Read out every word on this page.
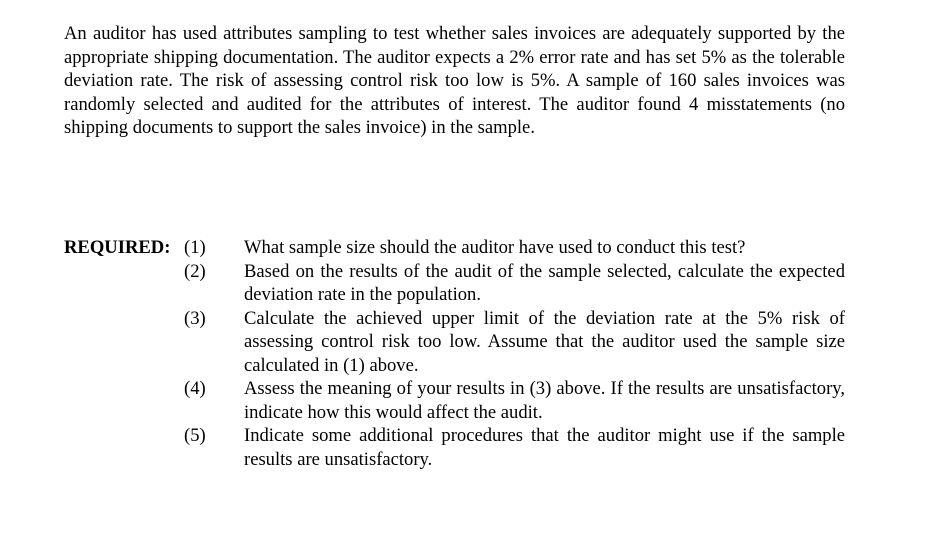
An auditor has used attributes sampling to test whether sales invoices are adequately supported by the appropriate shipping documentation. The auditor expects a 2% error rate and has set 5% as the tolerable deviation rate. The risk of assessing control risk too low is 5%. A sample of 160 sales invoices was randomly selected and audited for the attributes of interest. The auditor found 4 misstatements (no shipping documents to support the sales invoice) in the sample.

REQUIRED: (1)	What sample size should the auditor have used to conduct this test?
(2)	Based on the results of the audit of the sample selected, calculate the expected deviation rate in the population.
(3)	Calculate the achieved upper limit of the deviation rate at the 5% risk of assessing control risk too low. Assume that the auditor used the sample size calculated in (1) above.
(4)	Assess the meaning of your results in (3) above. If the results are unsatisfactory, indicate how this would affect the audit.
(5)	Indicate some additional procedures that the auditor might use if the sample results are unsatisfactory.
